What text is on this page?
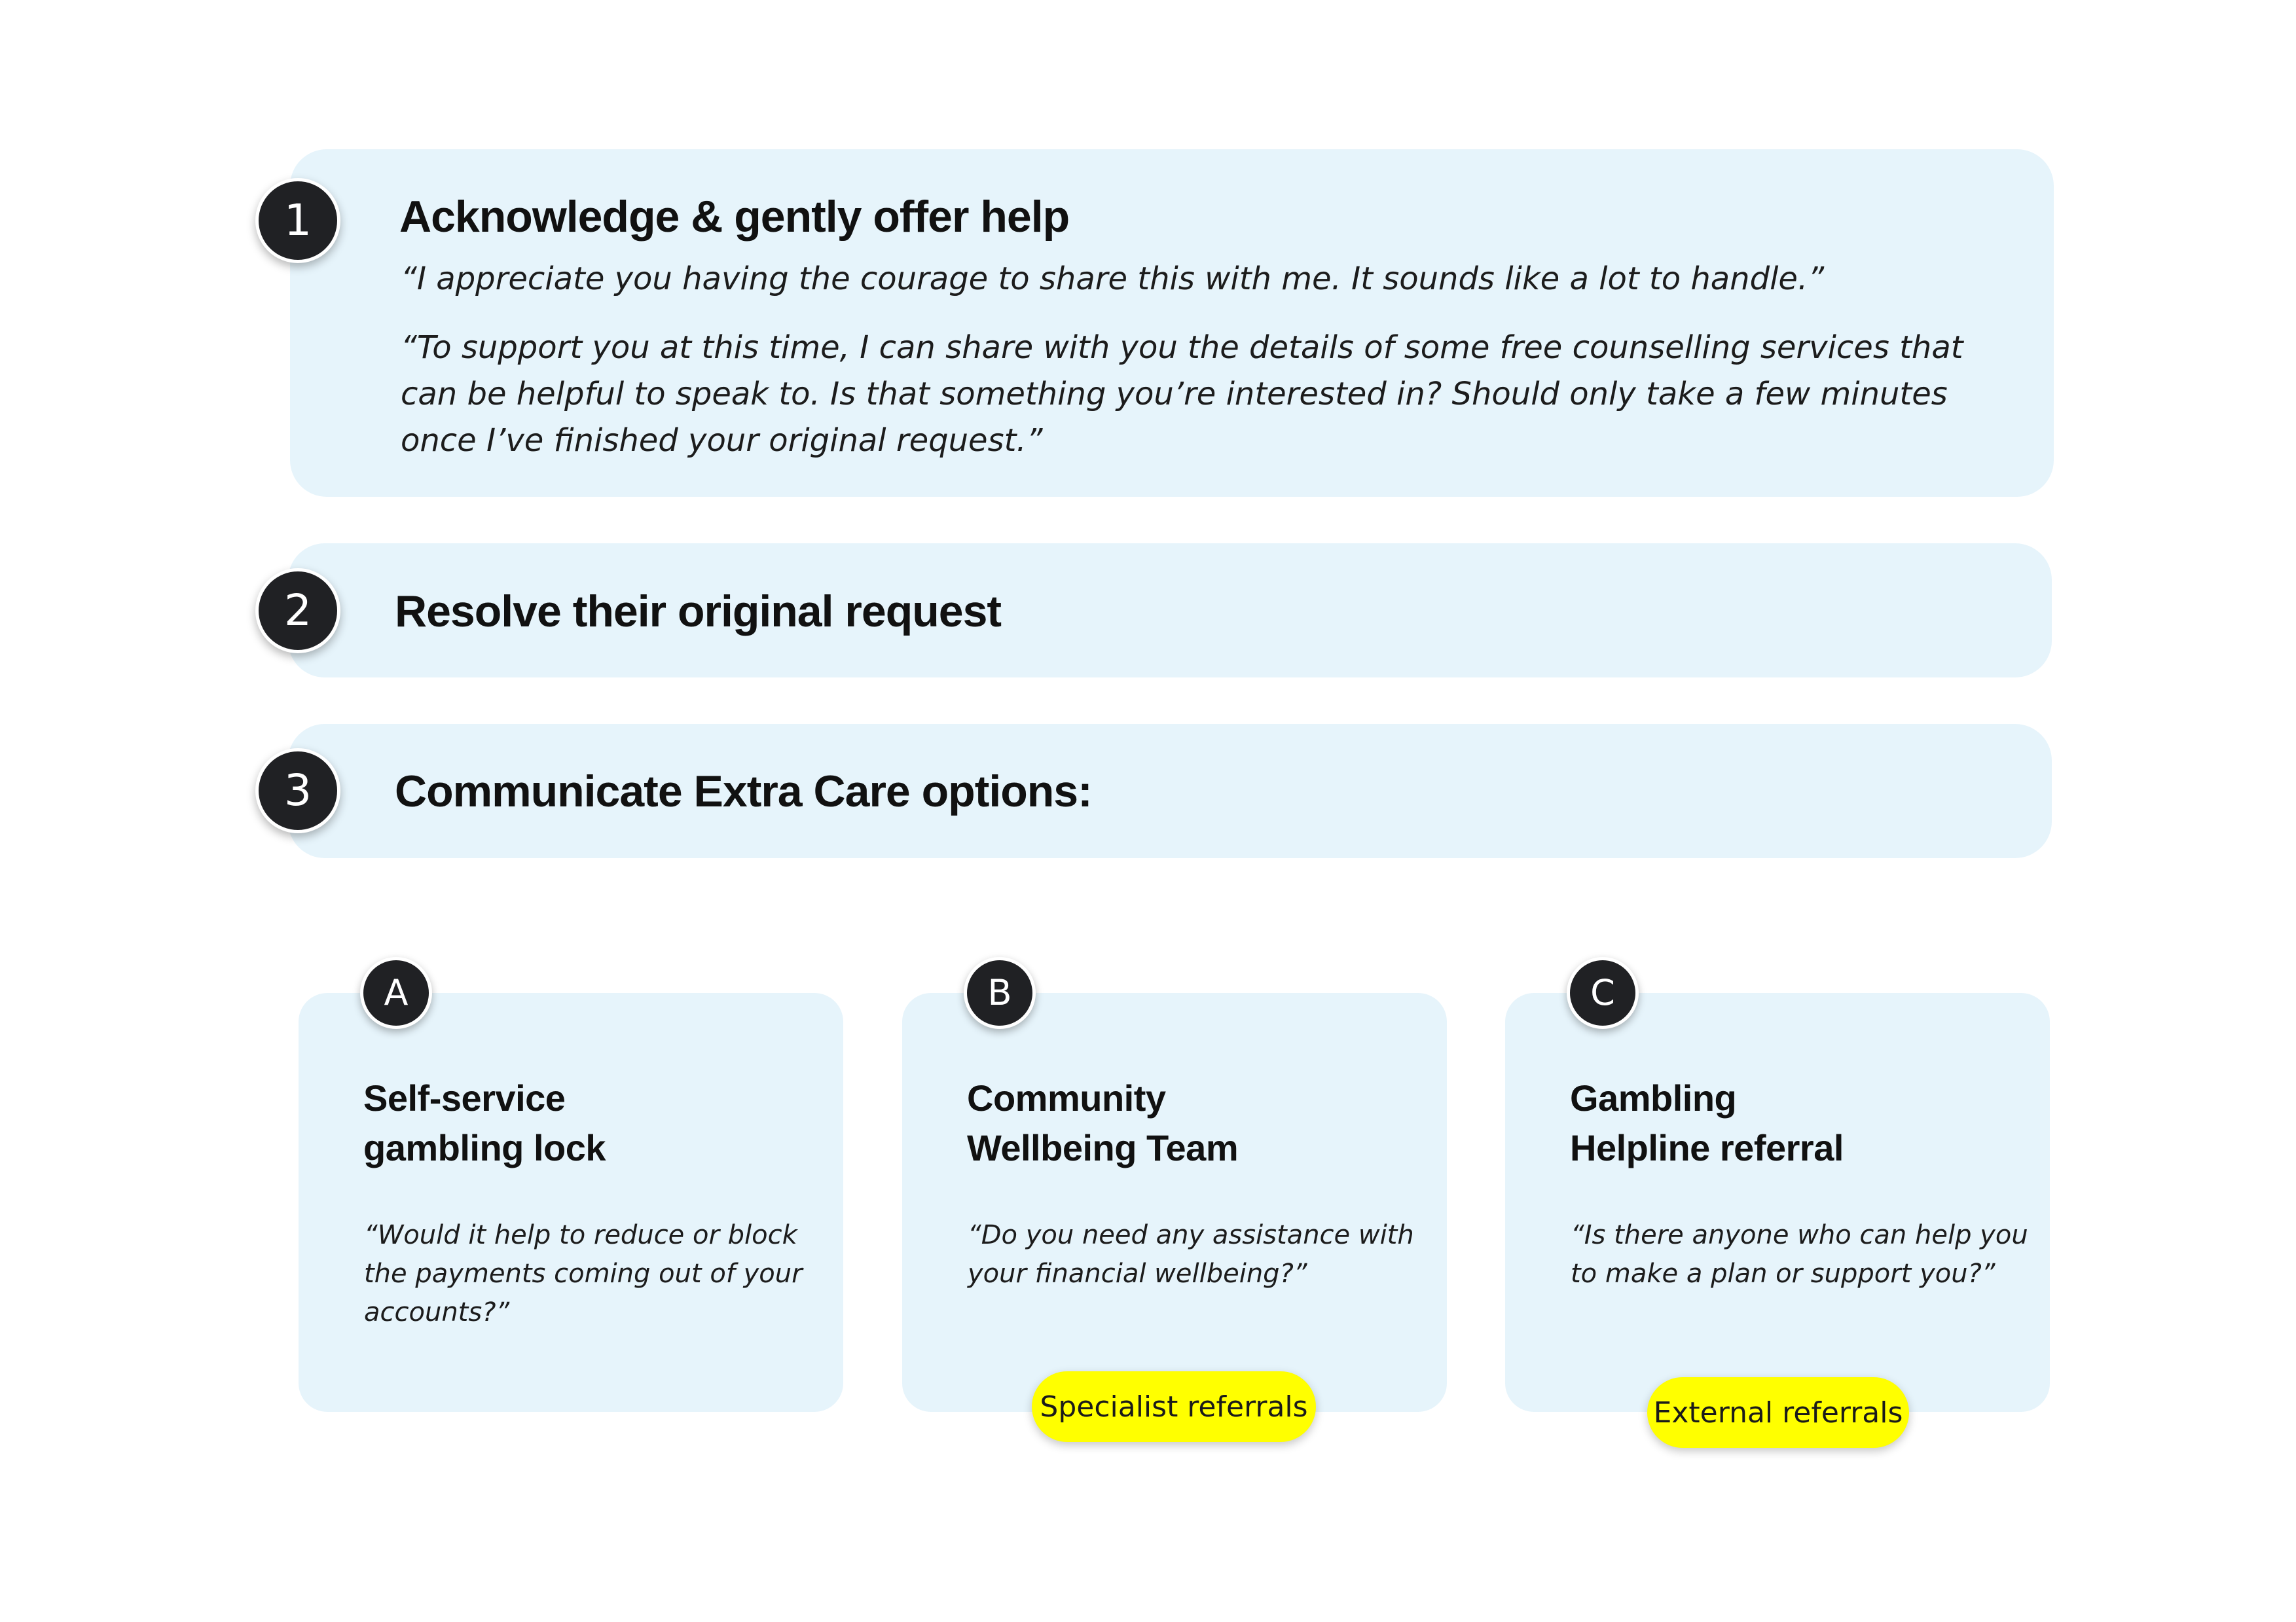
1	Acknowledge & gently offer help
“I appreciate you having the courage to share this with me. It sounds like a lot to handle.”
“To support you at this time, I can share with you the details of some free counselling services that can be helpful to speak to. Is that something you’re interested in? Should only take a few minutes once I’ve finished your original request.”
2	Resolve their original request
3	Communicate Extra Care options:
A
Self-service
gambling lock
“Would it help to reduce or block the payments coming out of your accounts?”
B
Community
Wellbeing Team
“Do you need any assistance with your financial wellbeing?”
Specialist referrals
C
Gambling
Helpline referral
“Is there anyone who can help you to make a plan or support you?”
External referrals
